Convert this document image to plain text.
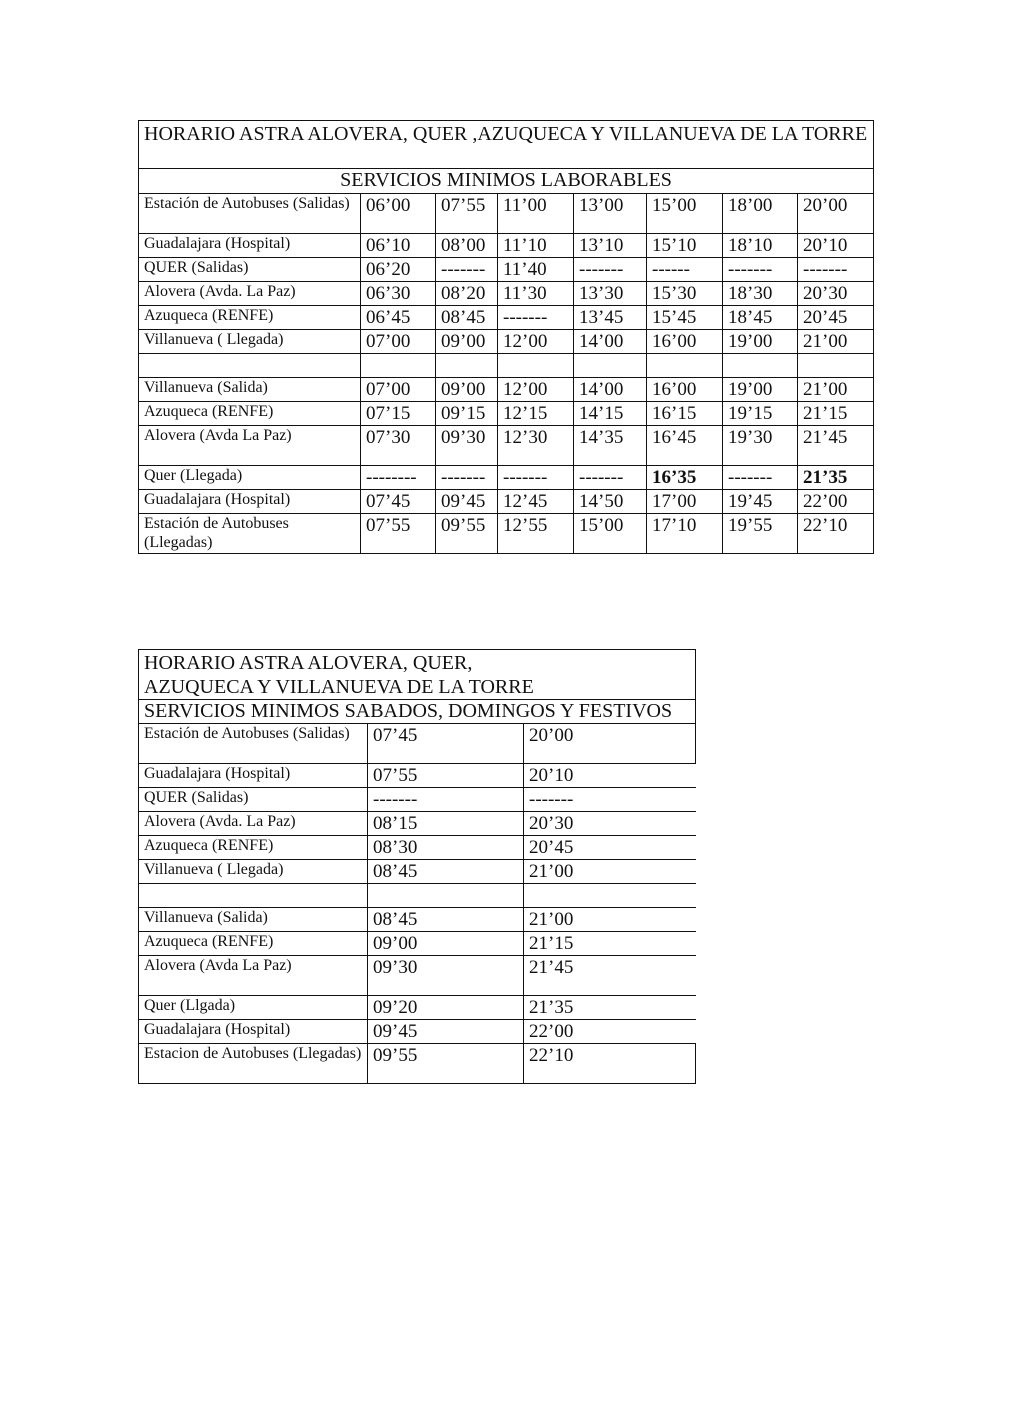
HORARIO ASTRA ALOVERA, QUER ,AZUQUECA Y VILLANUEVA DE LA TORRE							
SERVICIOS MINIMOS LABORABLES							
Estación de Autobuses (Salidas)	06’00	07’55	11’00	13’00	15’00	18’00	20’00
Guadalajara (Hospital)	06’10	08’00	11’10	13’10	15’10	18’10	20’10
QUER (Salidas)	06’20	-------	11’40	-------	------	-------	-------
Alovera (Avda. La Paz)	06’30	08’20	11’30	13’30	15’30	18’30	20’30
Azuqueca (RENFE)	06’45	08’45	-------	13’45	15’45	18’45	20’45
Villanueva ( Llegada)	07’00	09’00	12’00	14’00	16’00	19’00	21’00

Villanueva (Salida)	07’00	09’00	12’00	14’00	16’00	19’00	21’00
Azuqueca (RENFE)	07’15	09’15	12’15	14’15	16’15	19’15	21’15
Alovera (Avda La Paz)	07’30	09’30	12’30	14’35	16’45	19’30	21’45
Quer (Llegada)	--------	-------	-------	-------	16’35	-------	21’35
Guadalajara (Hospital)	07’45	09’45	12’45	14’50	17’00	19’45	22’00
Estación de Autobuses (Llegadas)	07’55	09’55	12’55	15’00	17’10	19’55	22’10
HORARIO ASTRA ALOVERA, QUER,
AZUQUECA Y VILLANUEVA DE LA TORRE		

SERVICIOS MINIMOS SABADOS, DOMINGOS Y FESTIVOS		
Estación de Autobuses (Salidas)	07’45	20’00
Guadalajara (Hospital)	07’55	20’10
QUER (Salidas)	-------	-------
Alovera (Avda. La Paz)	08’15	20’30
Azuqueca (RENFE)	08’30	20’45
Villanueva ( Llegada)	08’45	21’00

Villanueva (Salida)	08’45	21’00
Azuqueca (RENFE)	09’00	21’15
Alovera (Avda La Paz)	09’30	21’45
Quer (Llgada)	09’20	21’35
Guadalajara (Hospital)	09’45	22’00
Estacion de Autobuses (Llegadas)	09’55	22’10
